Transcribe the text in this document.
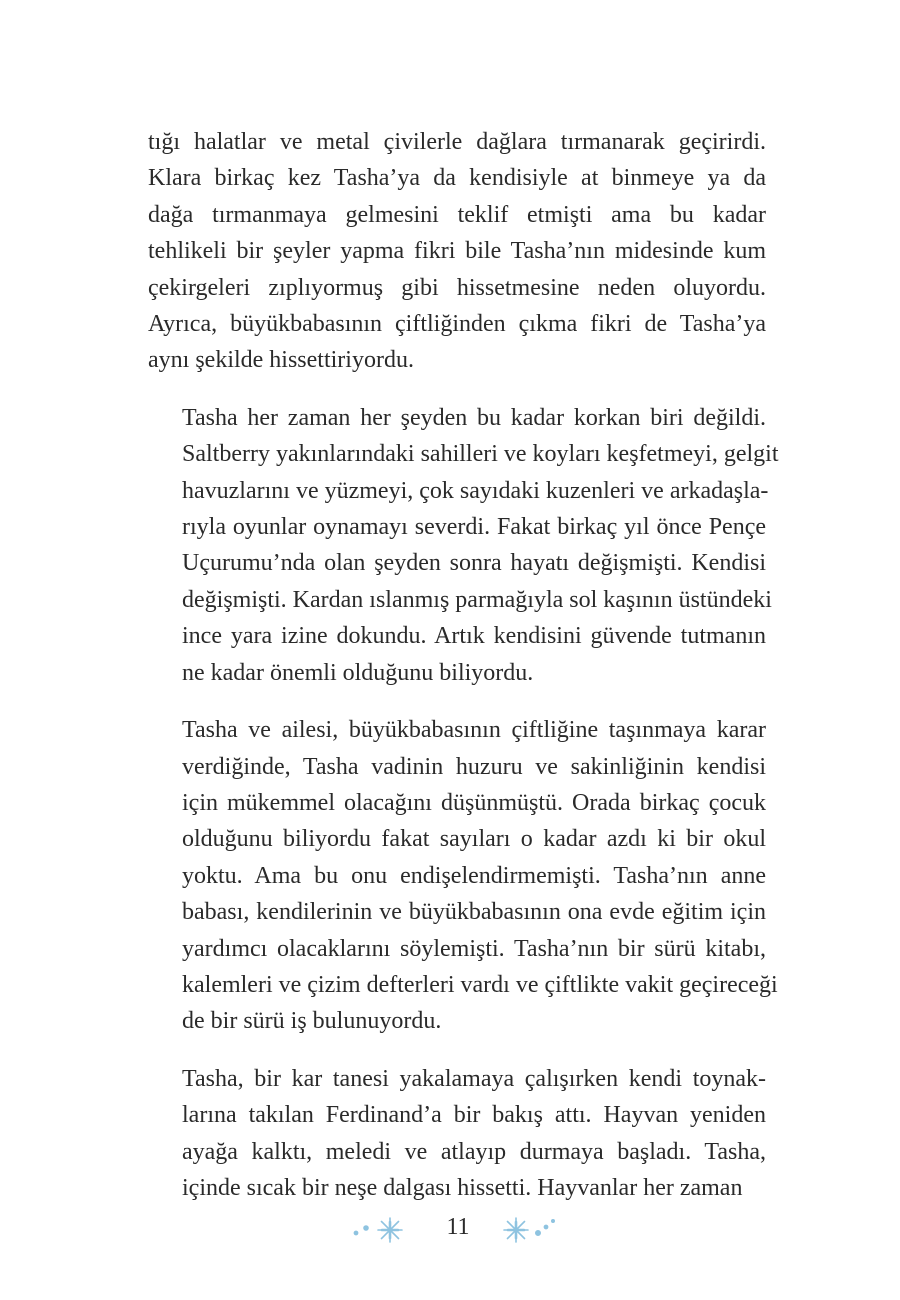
tığı halatlar ve metal çivilerle dağlara tırmanarak geçirirdi.
Klara birkaç kez Tasha’ya da kendisiyle at binmeye ya da
dağa tırmanmaya gelmesini teklif etmişti ama bu kadar
tehlikeli bir şeyler yapma fikri bile Tasha’nın midesinde kum
çekirgeleri zıplıyormuş gibi hissetmesine neden oluyordu.
Ayrıca, büyükbabasının çiftliğinden çıkma fikri de Tasha’ya
aynı şekilde hissettiriyordu.

Tasha her zaman her şeyden bu kadar korkan biri değildi.
Saltberry yakınlarındaki sahilleri ve koyları keşfetmeyi, gelgit
havuzlarını ve yüzmeyi, çok sayıdaki kuzenleri ve arkadaşla-
rıyla oyunlar oynamayı severdi. Fakat birkaç yıl önce Pençe
Uçurumu’nda olan şeyden sonra hayatı değişmişti. Kendisi
değişmişti. Kardan ıslanmış parmağıyla sol kaşının üstündeki
ince yara izine dokundu. Artık kendisini güvende tutmanın
ne kadar önemli olduğunu biliyordu.

Tasha ve ailesi, büyükbabasının çiftliğine taşınmaya karar
verdiğinde, Tasha vadinin huzuru ve sakinliğinin kendisi
için mükemmel olacağını düşünmüştü. Orada birkaç çocuk
olduğunu biliyordu fakat sayıları o kadar azdı ki bir okul
yoktu. Ama bu onu endişelendirmemişti. Tasha’nın anne
babası, kendilerinin ve büyükbabasının ona evde eğitim için
yardımcı olacaklarını söylemişti. Tasha’nın bir sürü kitabı,
kalemleri ve çizim defterleri vardı ve çiftlikte vakit geçireceği
de bir sürü iş bulunuyordu.

Tasha, bir kar tanesi yakalamaya çalışırken kendi toynak-
larına takılan Ferdinand’a bir bakış attı. Hayvan yeniden
ayağa kalktı, meledi ve atlayıp durmaya başladı. Tasha,
içinde sıcak bir neşe dalgası hissetti. Hayvanlar her zaman

11
